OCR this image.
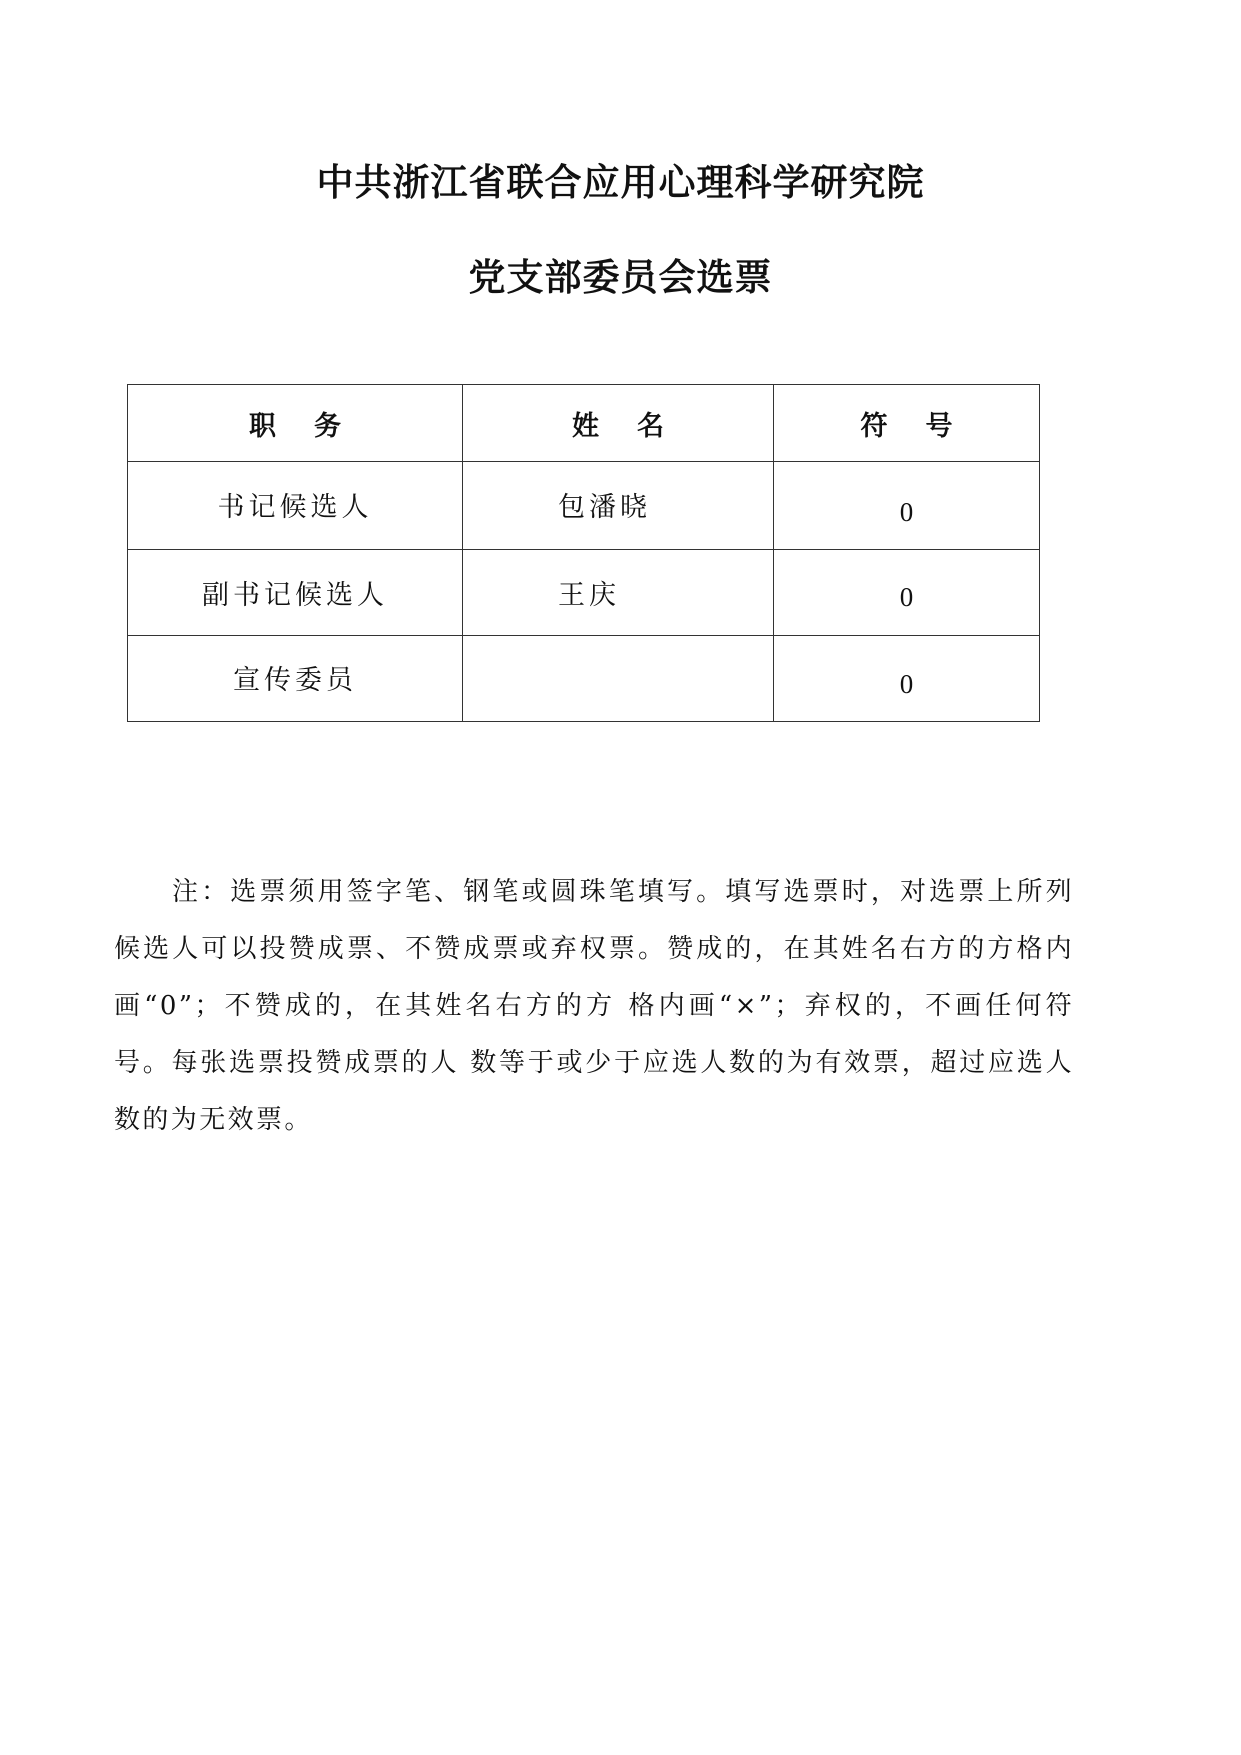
中共浙江省联合应用心理科学研究院
党支部委员会选票
职务	姓名	符号

书记候选人	包潘晓	0

副书记候选人	王庆	0

宣传委员		0

注：选票须用签字笔、钢笔或圆珠笔填写。填写选票时，对选票上所列候选人可以投赞成票、不赞成票或弃权票。赞成的，在其姓名右方的方格内画“0”；不赞成的，在其姓名右方的方 格内画“×”；弃权的，不画任何符号。每张选票投赞成票的人 数等于或少于应选人数的为有效票，超过应选人数的为无效票。
